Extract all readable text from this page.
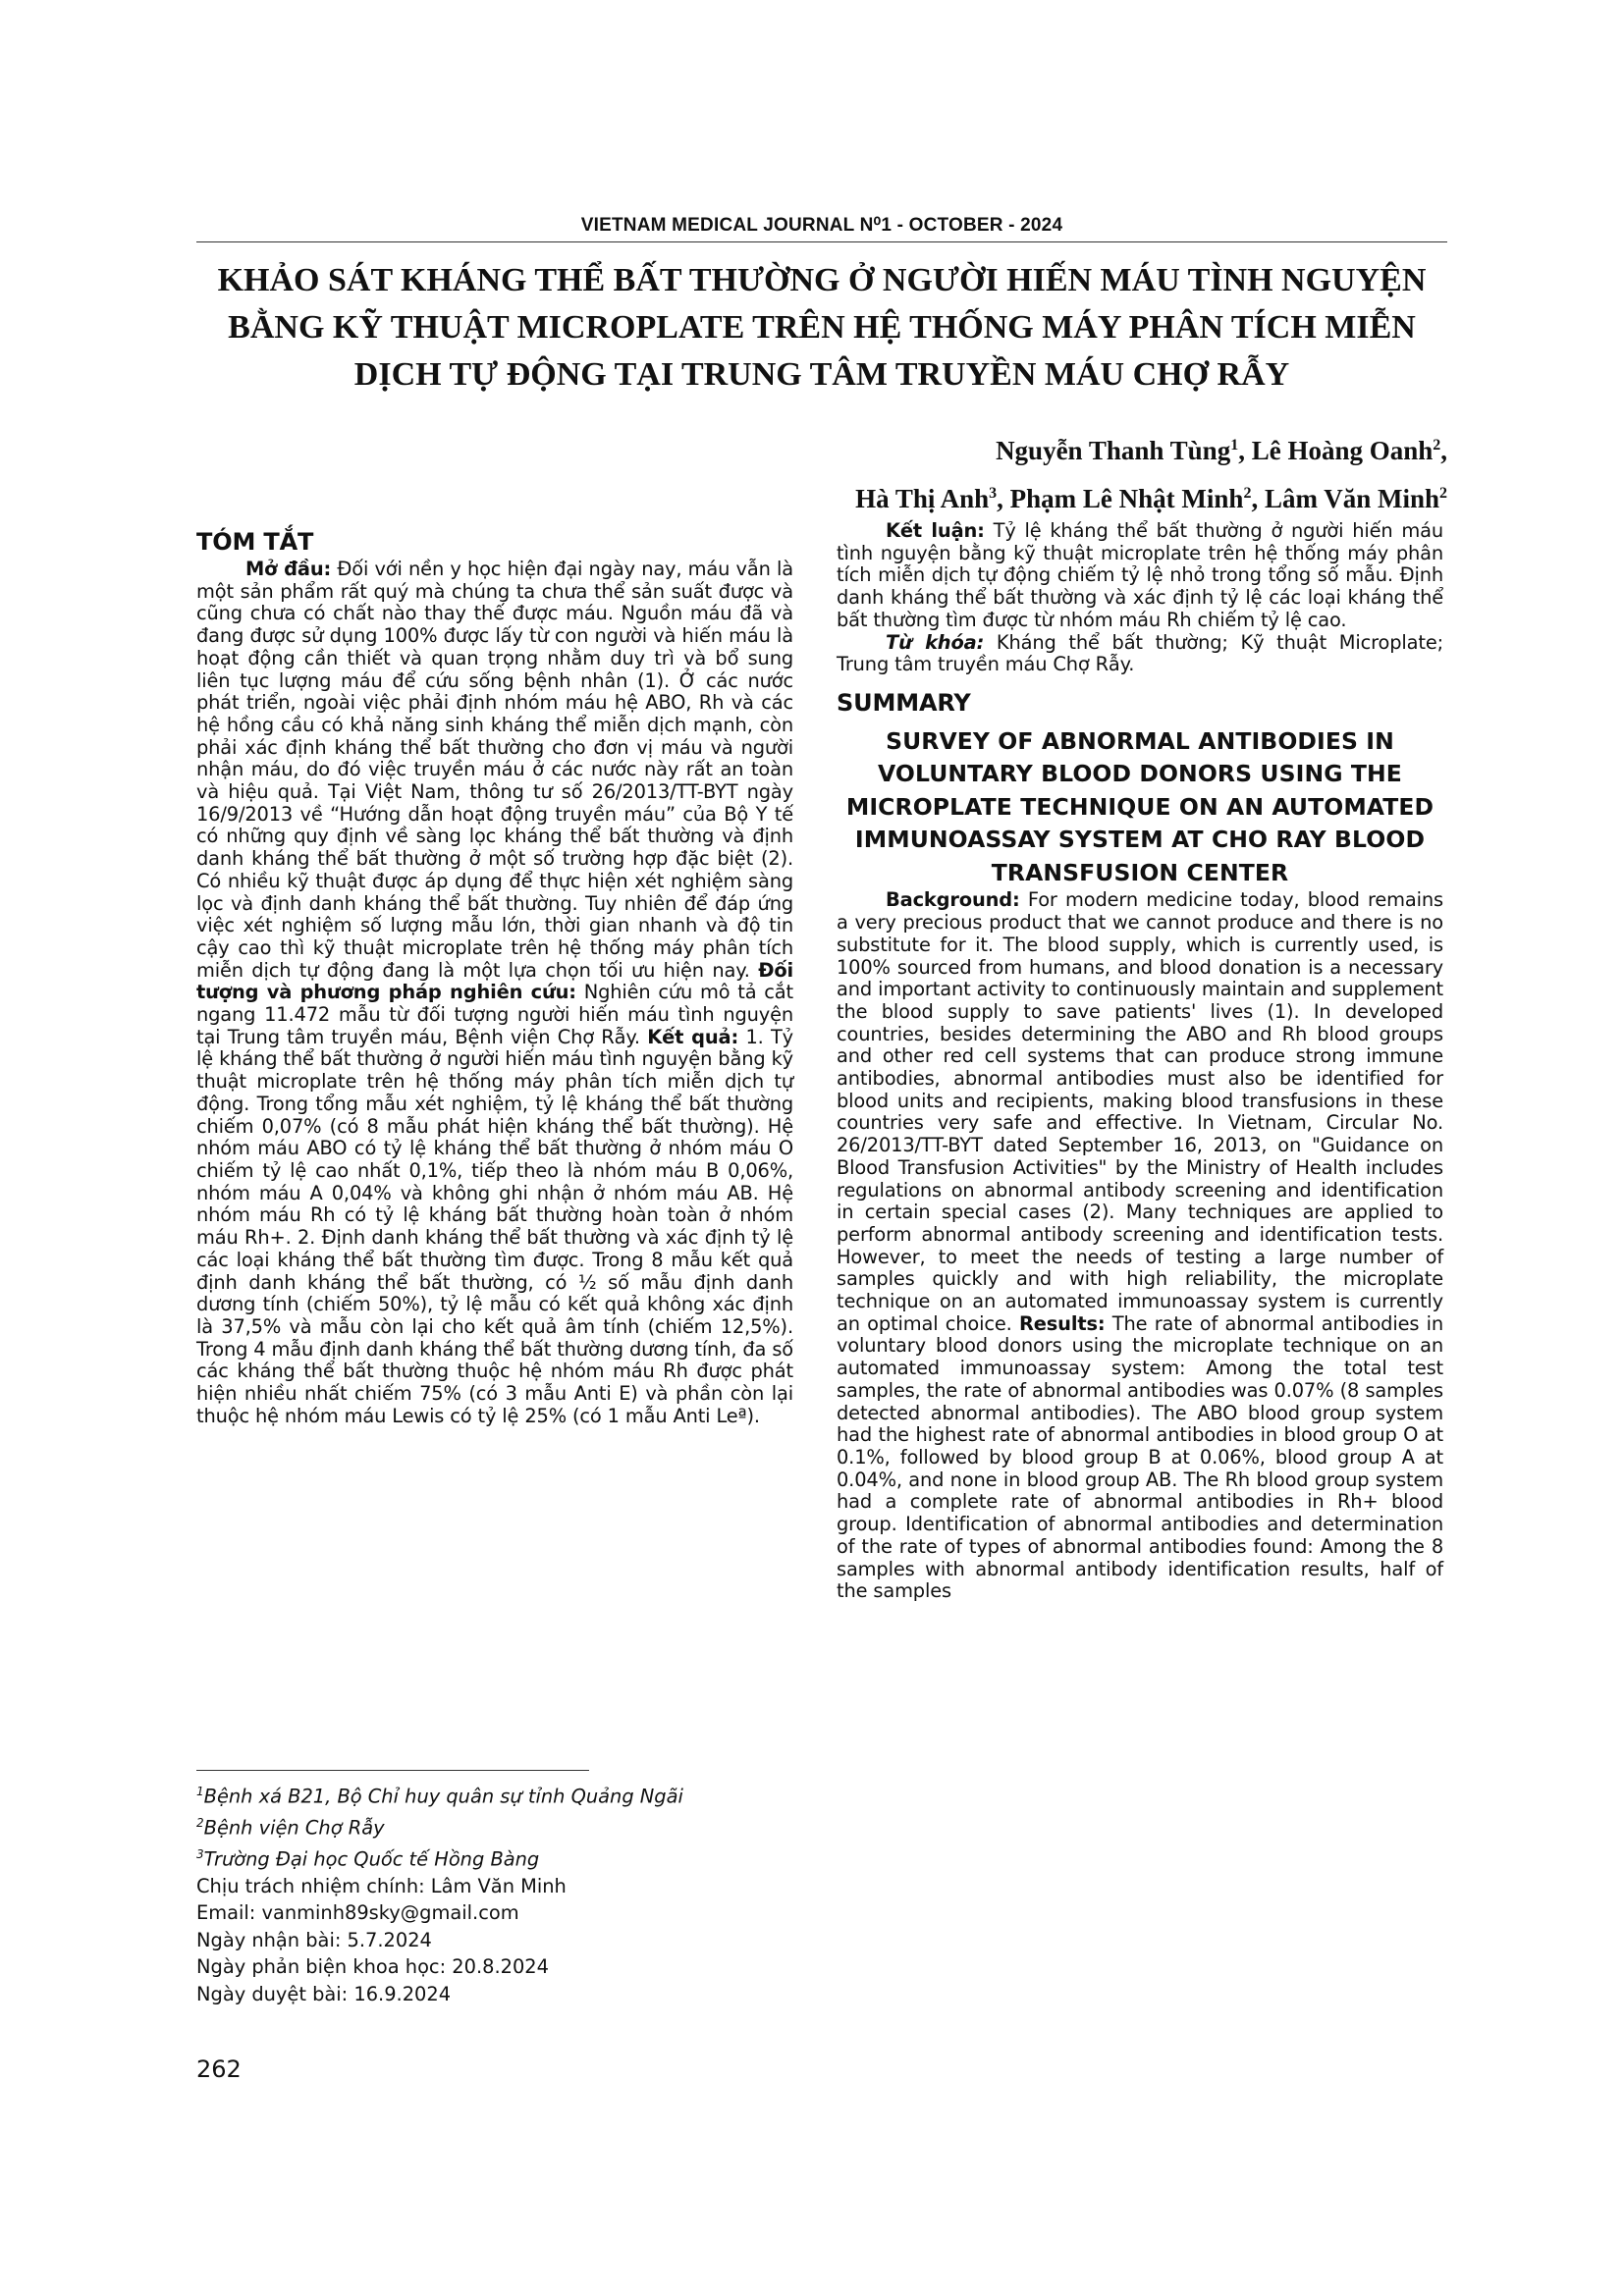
VIETNAM MEDICAL JOURNAL N⁰1 - OCTOBER - 2024
KHẢO SÁT KHÁNG THỂ BẤT THƯỜNG Ở NGƯỜI HIẾN MÁU TÌNH NGUYỆN BẰNG KỸ THUẬT MICROPLATE TRÊN HỆ THỐNG MÁY PHÂN TÍCH MIỄN DỊCH TỰ ĐỘNG TẠI TRUNG TÂM TRUYỀN MÁU CHỢ RẪY
Nguyễn Thanh Tùng$^1$, Lê Hoàng Oanh$^2$,
Hà Thị Anh$^3$, Phạm Lê Nhật Minh$^2$, Lâm Văn Minh$^2$
TÓM TẮT

Mở đầu: Đối với nền y học hiện đại ngày nay, máu vẫn là một sản phẩm rất quý mà chúng ta chưa thể sản suất được và cũng chưa có chất nào thay thế được máu. Nguồn máu đã và đang được sử dụng 100% được lấy từ con người và hiến máu là hoạt động cần thiết và quan trọng nhằm duy trì và bổ sung liên tục lượng máu để cứu sống bệnh nhân (1). Ở các nước phát triển, ngoài việc phải định nhóm máu hệ ABO, Rh và các hệ hồng cầu có khả năng sinh kháng thể miễn dịch mạnh, còn phải xác định kháng thể bất thường cho đơn vị máu và người nhận máu, do đó việc truyền máu ở các nước này rất an toàn và hiệu quả. Tại Việt Nam, thông tư số 26/2013/TT-BYT ngày 16/9/2013 về “Hướng dẫn hoạt động truyền máu” của Bộ Y tế có những quy định về sàng lọc kháng thể bất thường và định danh kháng thể bất thường ở một số trường hợp đặc biệt (2). Có nhiều kỹ thuật được áp dụng để thực hiện xét nghiệm sàng lọc và định danh kháng thể bất thường. Tuy nhiên để đáp ứng việc xét nghiệm số lượng mẫu lớn, thời gian nhanh và độ tin cậy cao thì kỹ thuật microplate trên hệ thống máy phân tích miễn dịch tự động đang là một lựa chọn tối ưu hiện nay. Đối tượng và phương pháp nghiên cứu: Nghiên cứu mô tả cắt ngang 11.472 mẫu từ đối tượng người hiến máu tình nguyện tại Trung tâm truyền máu, Bệnh viện Chợ Rẫy. Kết quả: 1. Tỷ lệ kháng thể bất thường ở người hiến máu tình nguyện bằng kỹ thuật microplate trên hệ thống máy phân tích miễn dịch tự động. Trong tổng mẫu xét nghiệm, tỷ lệ kháng thể bất thường chiếm 0,07% (có 8 mẫu phát hiện kháng thể bất thường). Hệ nhóm máu ABO có tỷ lệ kháng thể bất thường ở nhóm máu O chiếm tỷ lệ cao nhất 0,1%, tiếp theo là nhóm máu B 0,06%, nhóm máu A 0,04% và không ghi nhận ở nhóm máu AB. Hệ nhóm máu Rh có tỷ lệ kháng bất thường hoàn toàn ở nhóm máu Rh+. 2. Định danh kháng thể bất thường và xác định tỷ lệ các loại kháng thể bất thường tìm được. Trong 8 mẫu kết quả định danh kháng thể bất thường, có ½ số mẫu định danh dương tính (chiếm 50%), tỷ lệ mẫu có kết quả không xác định là 37,5% và mẫu còn lại cho kết quả âm tính (chiếm 12,5%). Trong 4 mẫu định danh kháng thể bất thường dương tính, đa số các kháng thể bất thường thuộc hệ nhóm máu Rh được phát hiện nhiều nhất chiếm 75% (có 3 mẫu Anti E) và phần còn lại thuộc hệ nhóm máu Lewis có tỷ lệ 25% (có 1 mẫu Anti Leª).

Kết luận: Tỷ lệ kháng thể bất thường ở người hiến máu tình nguyện bằng kỹ thuật microplate trên hệ thống máy phân tích miễn dịch tự động chiếm tỷ lệ nhỏ trong tổng số mẫu. Định danh kháng thể bất thường và xác định tỷ lệ các loại kháng thể bất thường tìm được từ nhóm máu Rh chiếm tỷ lệ cao.

Từ khóa: Kháng thể bất thường; Kỹ thuật Microplate; Trung tâm truyền máu Chợ Rẫy.

SUMMARY
SURVEY OF ABNORMAL ANTIBODIES IN VOLUNTARY BLOOD DONORS USING THE MICROPLATE TECHNIQUE ON AN AUTOMATED IMMUNOASSAY SYSTEM AT CHO RAY BLOOD TRANSFUSION CENTER

Background: For modern medicine today, blood remains a very precious product that we cannot produce and there is no substitute for it. The blood supply, which is currently used, is 100% sourced from humans, and blood donation is a necessary and important activity to continuously maintain and supplement the blood supply to save patients' lives (1). In developed countries, besides determining the ABO and Rh blood groups and other red cell systems that can produce strong immune antibodies, abnormal antibodies must also be identified for blood units and recipients, making blood transfusions in these countries very safe and effective. In Vietnam, Circular No. 26/2013/TT-BYT dated September 16, 2013, on "Guidance on Blood Transfusion Activities" by the Ministry of Health includes regulations on abnormal antibody screening and identification in certain special cases (2). Many techniques are applied to perform abnormal antibody screening and identification tests. However, to meet the needs of testing a large number of samples quickly and with high reliability, the microplate technique on an automated immunoassay system is currently an optimal choice. Results: The rate of abnormal antibodies in voluntary blood donors using the microplate technique on an automated immunoassay system: Among the total test samples, the rate of abnormal antibodies was 0.07% (8 samples detected abnormal antibodies). The ABO blood group system had the highest rate of abnormal antibodies in blood group O at 0.1%, followed by blood group B at 0.06%, blood group A at 0.04%, and none in blood group AB. The Rh blood group system had a complete rate of abnormal antibodies in Rh+ blood group. Identification of abnormal antibodies and determination of the rate of types of abnormal antibodies found: Among the 8 samples with abnormal antibody identification results, half of the samples

$^1$Bệnh xá B21, Bộ Chỉ huy quân sự tỉnh Quảng Ngãi

$^2$Bệnh viện Chợ Rẫy

$^3$Trường Đại học Quốc tế Hồng Bàng

Chịu trách nhiệm chính: Lâm Văn Minh

Email: vanminh89sky@gmail.com

Ngày nhận bài: 5.7.2024

Ngày phản biện khoa học: 20.8.2024

Ngày duyệt bài: 16.9.2024

262
